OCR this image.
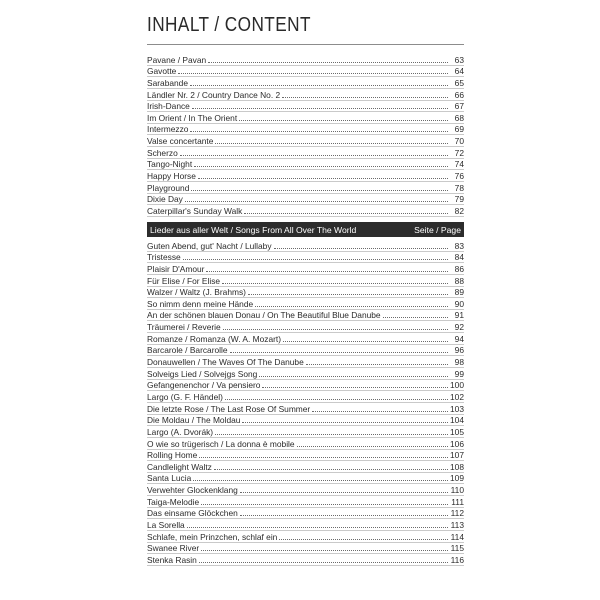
INHALT / CONTENT
Pavane / Pavan	63
Gavotte	64
Sarabande	65
Ländler Nr. 2 / Country Dance No. 2	66
Irish-Dance	67
Im Orient / In The Orient	68
Intermezzo	69
Valse concertante	70
Scherzo	72
Tango-Night	74
Happy Horse	76
Playground	78
Dixie Day	79
Caterpillar's Sunday Walk	82
Lieder aus aller Welt / Songs From All Over The World	Seite / Page
Guten Abend, gut' Nacht / Lullaby	83
Tristesse	84
Plaisir D'Amour	86
Für Elise / For Elise	88
Walzer / Waltz (J. Brahms)	89
So nimm denn meine Hände	90
An der schönen blauen Donau / On The Beautiful Blue Danube	91
Träumerei / Reverie	92
Romanze / Romanza (W. A. Mozart)	94
Barcarole / Barcarolle	96
Donauwellen / The Waves Of The Danube	98
Solveigs Lied / Solvejgs Song	99
Gefangenenchor / Va pensiero	100
Largo (G. F. Händel)	102
Die letzte Rose / The Last Rose Of Summer	103
Die Moldau / The Moldau	104
Largo (A. Dvorák)	105
O wie so trügerisch / La donna è mobile	106
Rolling Home	107
Candlelight Waltz	108
Santa Lucia	109
Verwehter Glockenklang	110
Taiga-Melodie	111
Das einsame Glöckchen	112
La Sorella	113
Schlafe, mein Prinzchen, schlaf ein	114
Swanee River	115
Stenka Rasin	116
